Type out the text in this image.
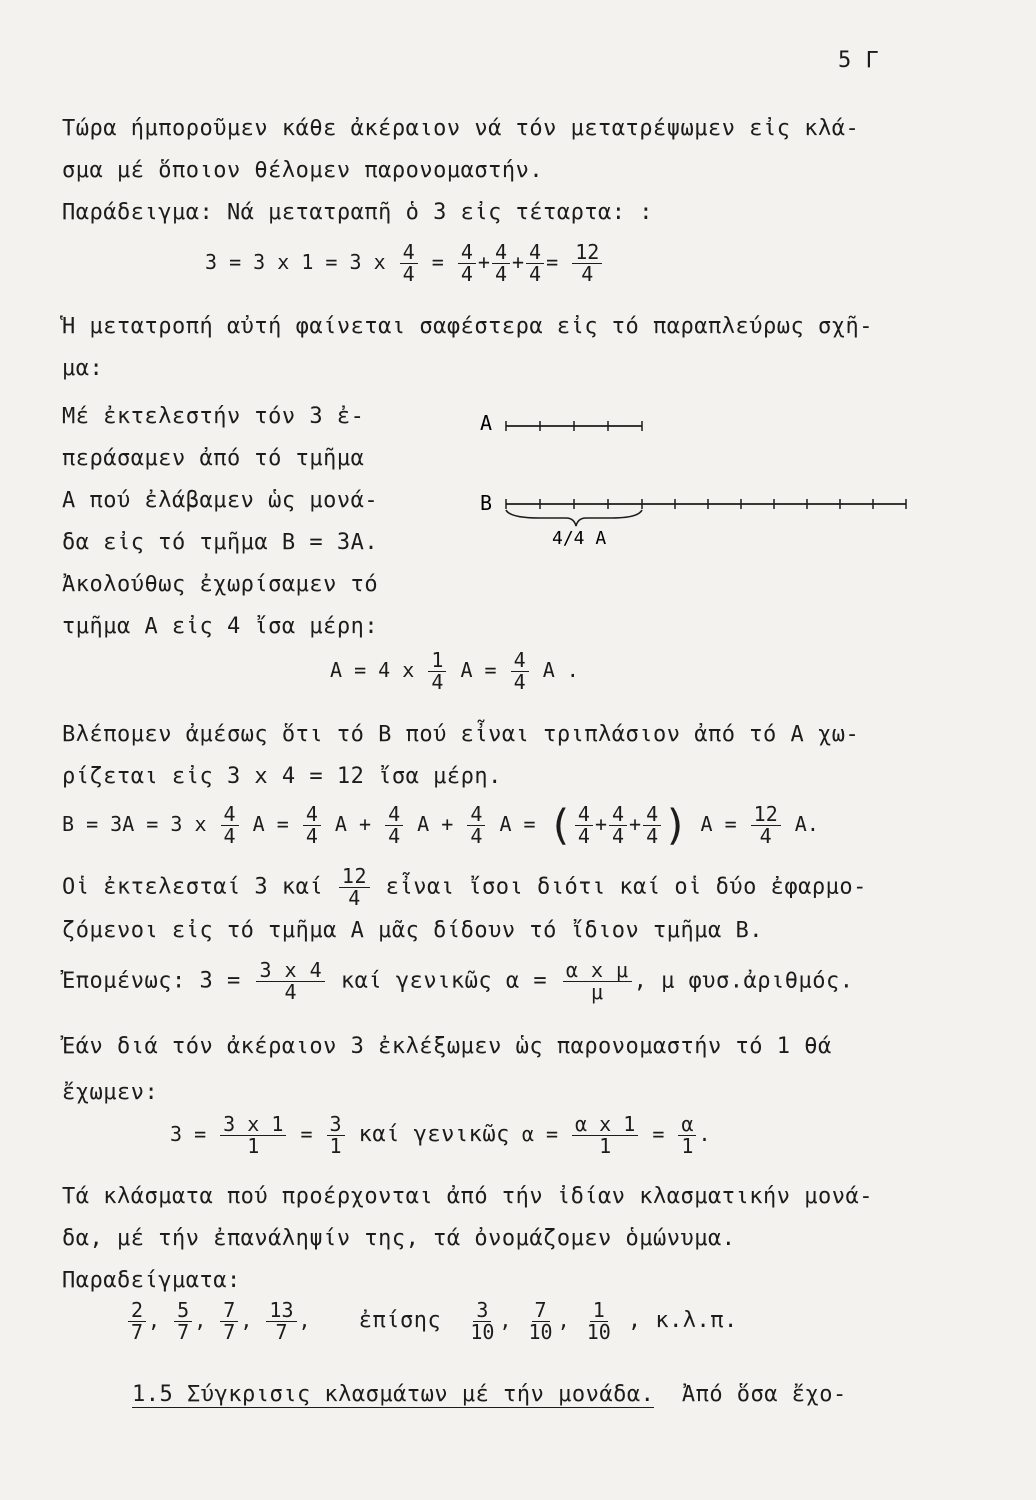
5 Γ
Τώρα ήμποροῦμεν κάθε ἀκέραιον νά τόν μετατρέψωμεν εἰς κλά-
σμα μέ ὅποιον θέλομεν παρονομαστήν.
Παράδειγμα: Νά μετατραπῆ ὁ 3 εἰς τέταρτα: :
3 = 3 x 1 = 3 x $\frac{4}{4} = \frac{4}{4} + \frac{4}{4} + \frac{4}{4} = \frac{12}{4}$
Ἡ μετατροπή αὐτή φαίνεται σαφέστερα εἰς τό παραπλεύρως σχῆ-
μα:
Μέ ἐκτελεστήν τόν 3 ἐ-
περάσαμεν ἀπό τό τμῆμα
Α πού ἐλάβαμεν ὡς μονά-
δα εἰς τό τμῆμα Β = 3Α.
Ἀκολούθως ἐχωρίσαμεν τό
τμῆμα Α εἰς 4 ἴσα μέρη:
A
B
4/4 A
A = 4 x $\frac{1}{4}$ $A = \frac{4}{4}$ A .
Βλέπομεν ἀμέσως ὅτι τό Β πού εἶναι τριπλάσιον ἀπό τό Α χω-
ρίζεται εἰς 3 x 4 = 12 ἴσα μέρη.
B = 3A = 3 x $\frac{4}{4}$ $A = \frac{4}{4}$ $A + \frac{4}{4}$ $A + \frac{4}{4}$ A = ( $\frac{4}{4} + \frac{4}{4} + \frac{4}{4}$ ) $A = \frac{12}{4} A$.
Οἱ ἐκτελεσταί 3 καί $\frac{12}{4}$ εἶναι ἴσοι διότι καί οἱ δύο ἐφαρμο-
ζόμενοι εἰς τό τμῆμα Α μᾶς δίδουν τό ἴδιον τμῆμα Β.
Ἐπομένως: $3 = \frac{3 x 4}{4}$ καί γενικῶς $\alpha = \frac{\text{α x μ}}{\mu}$ , μ φυσ.ἀριθμός.
Ἐάν διά τόν ἀκέραιον 3 ἐκλέξωμεν ὡς παρονομαστήν τό 1 θά
ἔχωμεν:
$3 = \frac{3 x 1}{1} = \frac{3}{1}$ καί γενικῶς $\alpha = \frac{\text{α x 1}}{1} = \frac{\alpha}{1}$ .
Τά κλάσματα πού προέρχονται ἀπό τήν ἰδίαν κλασματικήν μονά-
δα, μέ τήν ἐπανάληψίν της, τά ὀνομάζομεν ὁμώνυμα.
Παραδείγματα:
$\frac{2}{7}$ , $\frac{5}{7}$ , $\frac{7}{7}$ , $\frac{13}{7}$ , ἐπίσης $\frac{3}{10}$ , $\frac{7}{10}$ , $\frac{1}{10}$ , κ.λ.π.
1.5 Σύγκρισις κλασμάτων μέ τήν μονάδα. Ἀπό ὅσα ἔχο-
